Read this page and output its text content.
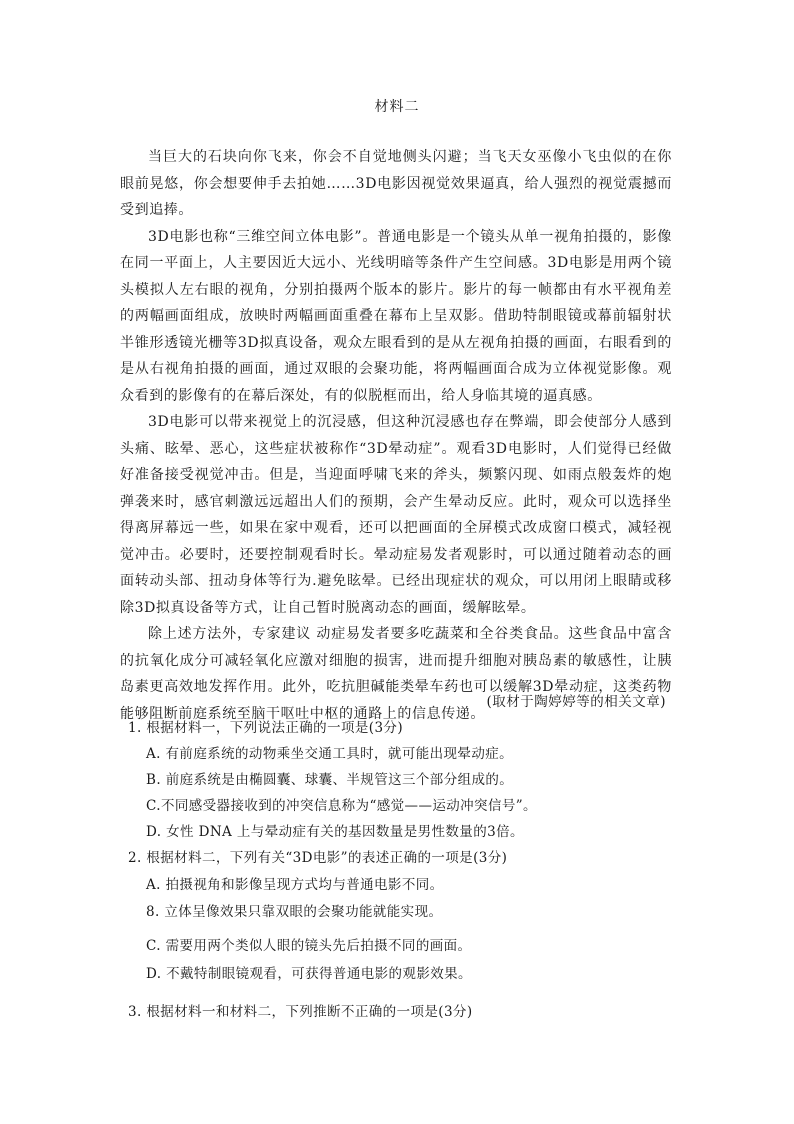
材料二

当巨大的石块向你飞来，你会不自觉地侧头闪避；当飞天女巫像小飞虫似的在你眼前晃悠，你会想要伸手去拍她……3D电影因视觉效果逼真，给人强烈的视觉震撼而受到追捧。

3D电影也称“三维空间立体电影”。普通电影是一个镜头从单一视角拍摄的，影像在同一平面上，人主要因近大远小、光线明暗等条件产生空间感。3D电影是用两个镜头模拟人左右眼的视角，分别拍摄两个版本的影片。影片的每一帧都由有水平视角差的两幅画面组成，放映时两幅画面重叠在幕布上呈双影。借助特制眼镜或幕前辐射状半锥形透镜光栅等3D拟真设备，观众左眼看到的是从左视角拍摄的画面，右眼看到的是从右视角拍摄的画面，通过双眼的会聚功能，将两幅画面合成为立体视觉影像。观众看到的影像有的在幕后深处，有的似脱框而出，给人身临其境的逼真感。

3D电影可以带来视觉上的沉浸感，但这种沉浸感也存在弊端，即会使部分人感到头痛、眩晕、恶心，这些症状被称作“3D晕动症”。观看3D电影时，人们觉得已经做好准备接受视觉冲击。但是，当迎面呼啸飞来的斧头，频繁闪现、如雨点般轰炸的炮弹袭来时，感官刺激远远超出人们的预期，会产生晕动反应。此时，观众可以选择坐得离屏幕远一些，如果在家中观看，还可以把画面的全屏模式改成窗口模式，减轻视觉冲击。必要时，还要控制观看时长。晕动症易发者观影时，可以通过随着动态的画面转动头部、扭动身体等行为.避免眩晕。已经出现症状的观众，可以用闭上眼睛或移除3D拟真设备等方式，让自己暂时脱离动态的画面，缓解眩晕。

除上述方法外，专家建议 动症易发者要多吃蔬菜和全谷类食品。这些食品中富含的抗氧化成分可减轻氧化应激对细胞的损害，进而提升细胞对胰岛素的敏感性，让胰岛素更高效地发挥作用。此外，吃抗胆碱能类晕车药也可以缓解3D晕动症，这类药物能够阻断前庭系统至脑干呕吐中枢的通路上的信息传递。

(取材于陶婷婷等的相关文章)
1. 根据材料一，下列说法正确的一项是(3分)
A. 有前庭系统的动物乘坐交通工具时，就可能出现晕动症。
B. 前庭系统是由椭圆囊、球囊、半规管这三个部分组成的。
C.不同感受器接收到的冲突信息称为“感觉——运动冲突信号”。
D. 女性 DNA 上与晕动症有关的基因数量是男性数量的3倍。
2. 根据材料二，下列有关“3D电影”的表述正确的一项是(3分)
A. 拍摄视角和影像呈现方式均与普通电影不同。
8. 立体呈像效果只靠双眼的会聚功能就能实现。
C. 需要用两个类似人眼的镜头先后拍摄不同的画面。
D. 不戴特制眼镜观看，可获得普通电影的观影效果。
3. 根据材料一和材料二，下列推断不正确的一项是(3分)
